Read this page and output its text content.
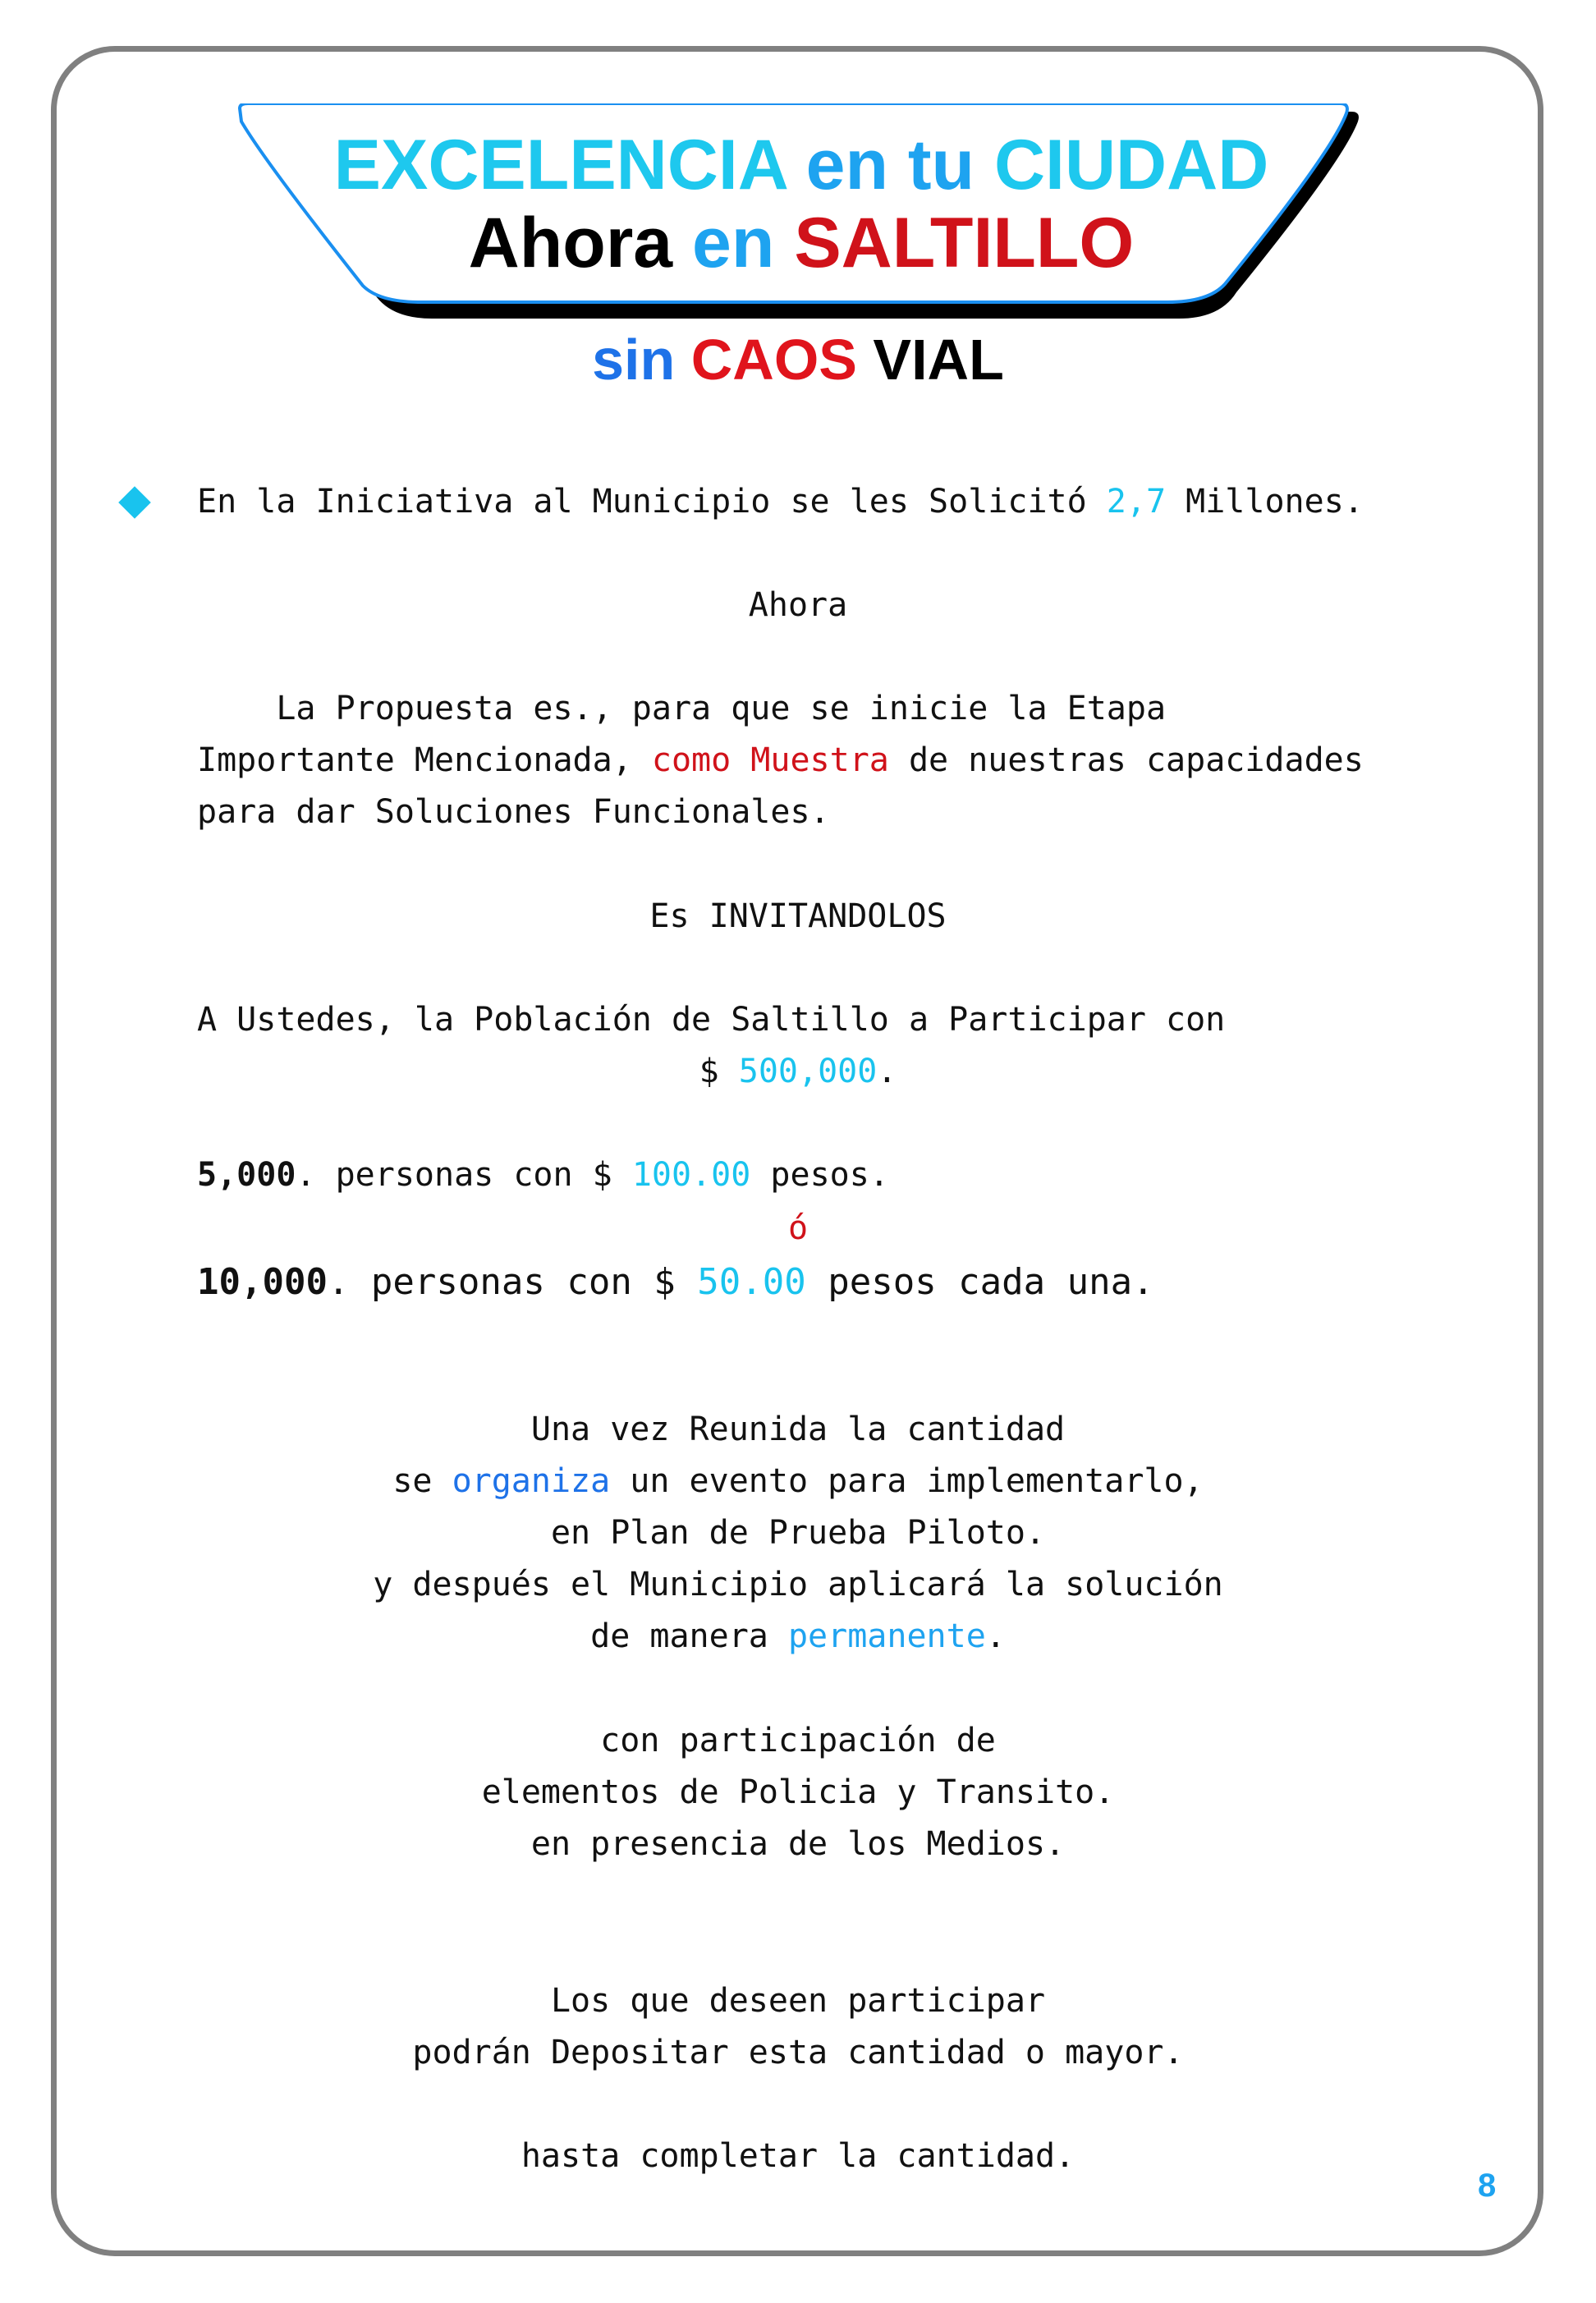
EXCELENCIA en tu CIUDAD
Ahora en SALTILLO
sin CAOS VIAL
En la Iniciativa al Municipio se les Solicitó 2,7 Millones.
Ahora
La Propuesta es., para que se inicie la Etapa
Importante Mencionada, como Muestra de nuestras capacidades
para dar Soluciones Funcionales.
Es INVITANDOLOS
A Ustedes, la Población de Saltillo a Participar con
$ 500,000.
5,000. personas con $ 100.00 pesos.
ó
10,000. personas con $ 50.00 pesos cada una.
Una vez Reunida la cantidad
se organiza un evento para implementarlo,
en Plan de Prueba Piloto.
y después el Municipio aplicará la solución
de manera permanente.
con participación de
elementos de Policia y Transito.
en presencia de los Medios.
Los que deseen participar
podrán Depositar esta cantidad o mayor.
hasta completar la cantidad.
8
